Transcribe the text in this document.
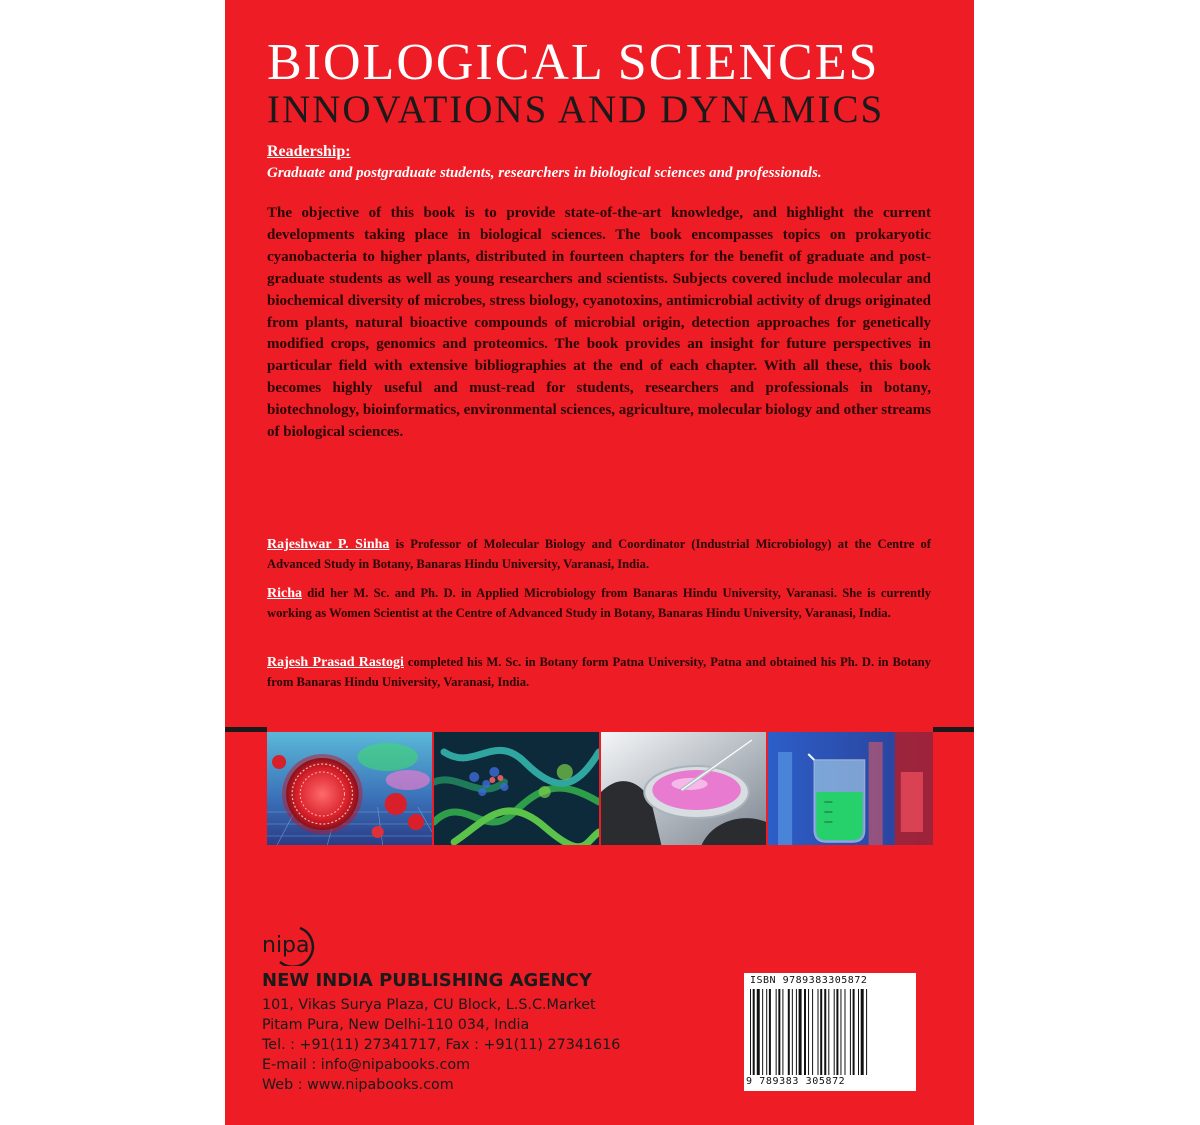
BIOLOGICAL SCIENCES
INNOVATIONS AND DYNAMICS
Readership:
Graduate and postgraduate students, researchers in biological sciences and professionals.

The objective of this book is to provide state-of-the-art knowledge, and highlight the current developments taking place in biological sciences. The book encompasses topics on prokaryotic cyanobacteria to higher plants, distributed in fourteen chapters for the benefit of graduate and post-graduate students as well as young researchers and scientists. Subjects covered include molecular and biochemical diversity of microbes, stress biology, cyanotoxins, antimicrobial activity of drugs originated from plants, natural bioactive compounds of microbial origin, detection approaches for genetically modified crops, genomics and proteomics. The book provides an insight for future perspectives in particular field with extensive bibliographies at the end of each chapter. With all these, this book becomes highly useful and must-read for students, researchers and professionals in botany, biotechnology, bioinformatics, environmental sciences, agriculture, molecular biology and other streams of biological sciences.

Rajeshwar P. Sinha is Professor of Molecular Biology and Coordinator (Industrial Microbiology) at the Centre of Advanced Study in Botany, Banaras Hindu University, Varanasi, India.

Richa did her M. Sc. and Ph. D. in Applied Microbiology from Banaras Hindu University, Varanasi. She is currently working as Women Scientist at the Centre of Advanced Study in Botany, Banaras Hindu University, Varanasi, India.

Rajesh Prasad Rastogi completed his M. Sc. in Botany form Patna University, Patna and obtained his Ph. D. in Botany from Banaras Hindu University, Varanasi, India.

nipa
NEW INDIA PUBLISHING AGENCY
101, Vikas Surya Plaza, CU Block, L.S.C.Market
Pitam Pura, New Delhi-110 034, India
Tel. : +91(11) 27341717, Fax : +91(11) 27341616
E-mail : info@nipabooks.com
Web : www.nipabooks.com
ISBN 9789383305872
9 789383 305872
